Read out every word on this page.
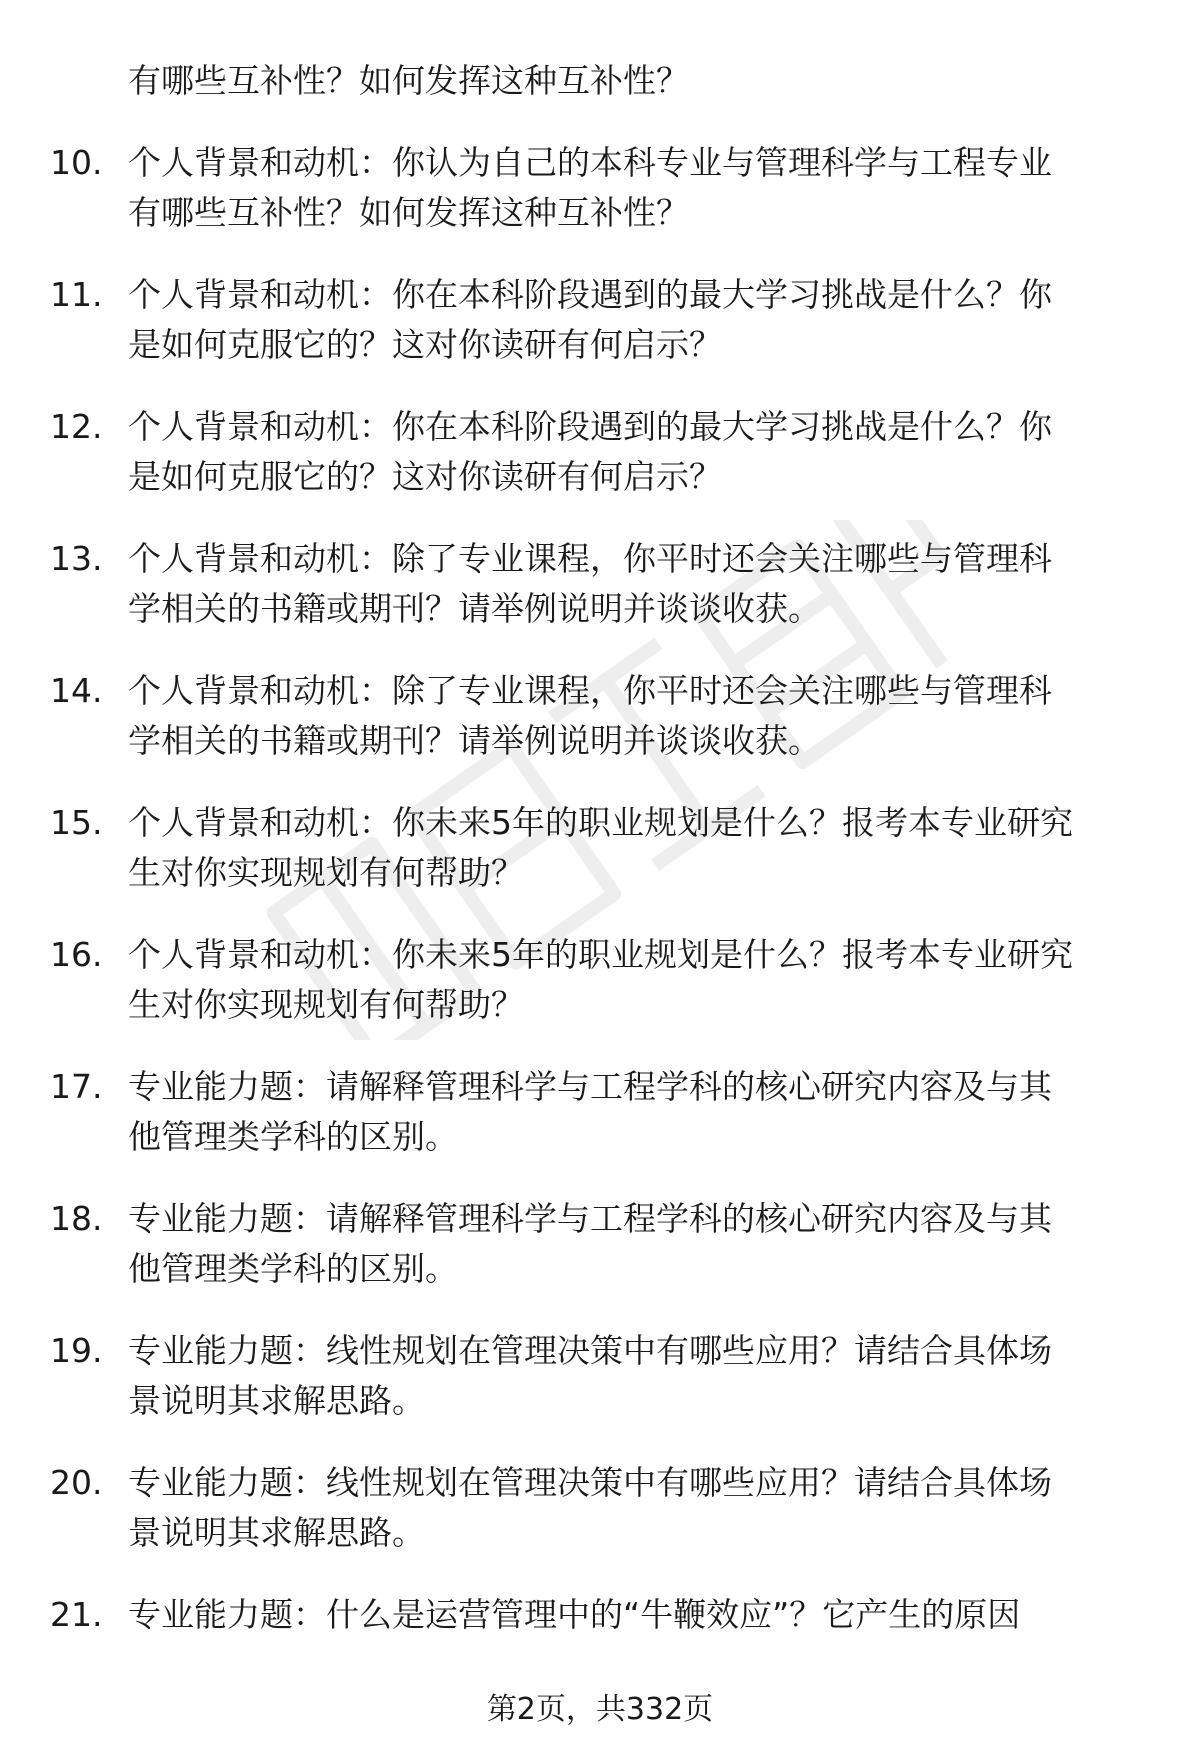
有哪些互补性？如何发挥这种互补性？
10. 个人背景和动机：你认为自己的本科专业与管理科学与工程专业
有哪些互补性？如何发挥这种互补性？
11. 个人背景和动机：你在本科阶段遇到的最大学习挑战是什么？你
是如何克服它的？这对你读研有何启示？
12. 个人背景和动机：你在本科阶段遇到的最大学习挑战是什么？你
是如何克服它的？这对你读研有何启示？
13. 个人背景和动机：除了专业课程，你平时还会关注哪些与管理科
学相关的书籍或期刊？请举例说明并谈谈收获。
14. 个人背景和动机：除了专业课程，你平时还会关注哪些与管理科
学相关的书籍或期刊？请举例说明并谈谈收获。
15. 个人背景和动机：你未来5年的职业规划是什么？报考本专业研究
生对你实现规划有何帮助？
16. 个人背景和动机：你未来5年的职业规划是什么？报考本专业研究
生对你实现规划有何帮助？
17. 专业能力题：请解释管理科学与工程学科的核心研究内容及与其
他管理类学科的区别。
18. 专业能力题：请解释管理科学与工程学科的核心研究内容及与其
他管理类学科的区别。
19. 专业能力题：线性规划在管理决策中有哪些应用？请结合具体场
景说明其求解思路。
20. 专业能力题：线性规划在管理决策中有哪些应用？请结合具体场
景说明其求解思路。
21. 专业能力题：什么是运营管理中的“牛鞭效应”？它产生的原因
第2页，共332页
